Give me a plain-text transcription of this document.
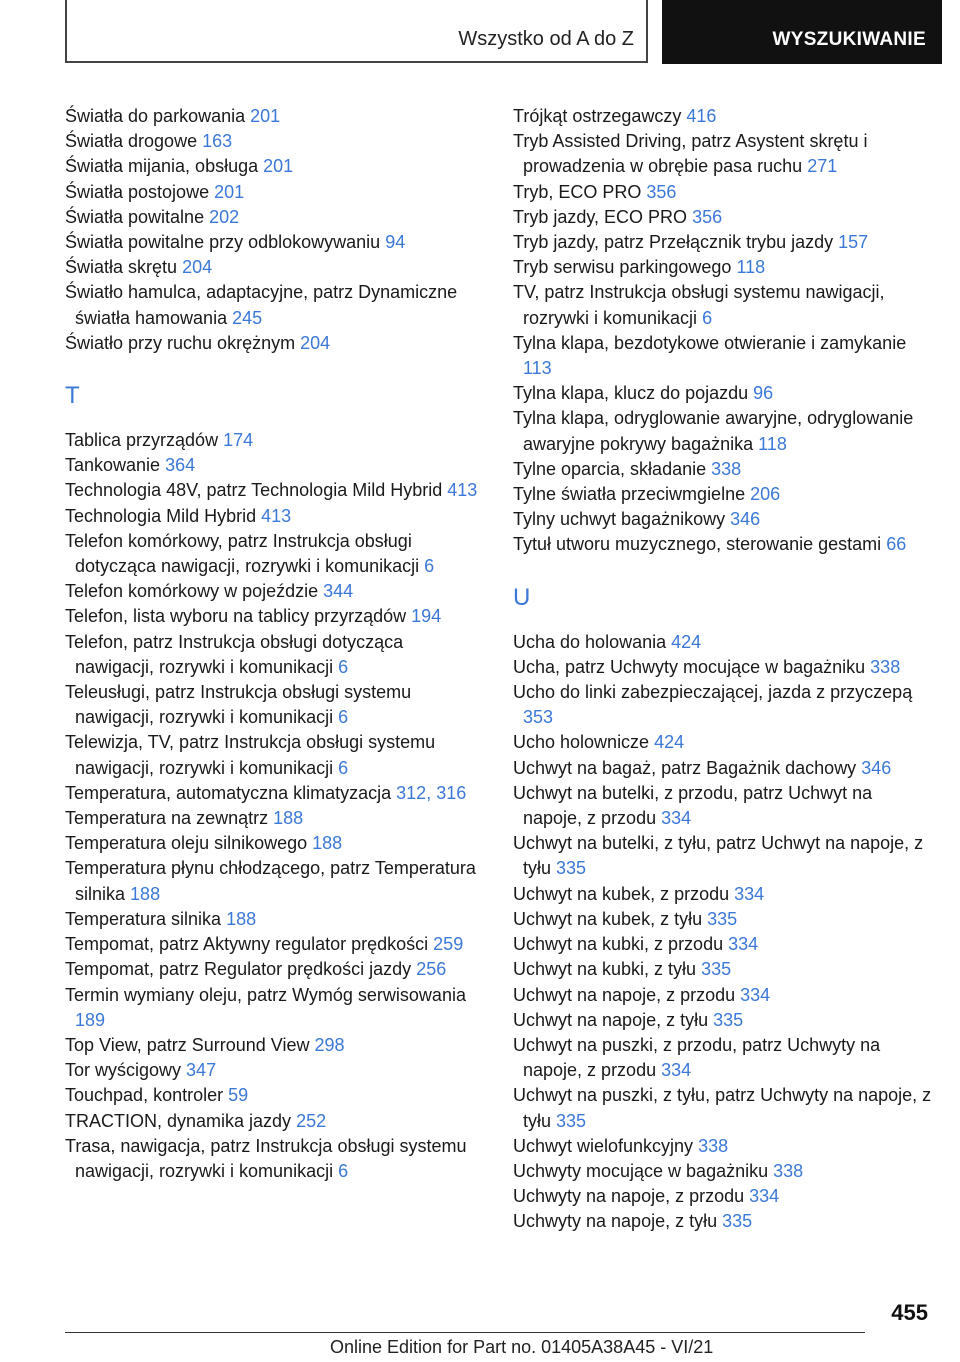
Wszystko od A do Z	WYSZUKIWANIE
Światła do parkowania 201
Światła drogowe 163
Światła mijania, obsługa 201
Światła postojowe 201
Światła powitalne 202
Światła powitalne przy odblokowywaniu 94
Światła skrętu 204
Światło hamulca, adaptacyjne, patrz Dynamiczne światła hamowania 245
Światło przy ruchu okrężnym 204
T
Tablica przyrządów 174
Tankowanie 364
Technologia 48V, patrz Technologia Mild Hybrid 413
Technologia Mild Hybrid 413
Telefon komórkowy, patrz Instrukcja obsługi dotycząca nawigacji, rozrywki i komunikacji 6
Telefon komórkowy w pojeździe 344
Telefon, lista wyboru na tablicy przyrządów 194
Telefon, patrz Instrukcja obsługi dotycząca nawigacji, rozrywki i komunikacji 6
Teleusługi, patrz Instrukcja obsługi systemu nawigacji, rozrywki i komunikacji 6
Telewizja, TV, patrz Instrukcja obsługi systemu nawigacji, rozrywki i komunikacji 6
Temperatura, automatyczna klimatyzacja 312, 316
Temperatura na zewnątrz 188
Temperatura oleju silnikowego 188
Temperatura płynu chłodzącego, patrz Temperatura silnika 188
Temperatura silnika 188
Tempomat, patrz Aktywny regulator prędkości 259
Tempomat, patrz Regulator prędkości jazdy 256
Termin wymiany oleju, patrz Wymóg serwisowania 189
Top View, patrz Surround View 298
Tor wyścigowy 347
Touchpad, kontroler 59
TRACTION, dynamika jazdy 252
Trasa, nawigacja, patrz Instrukcja obsługi systemu nawigacji, rozrywki i komunikacji 6
Trójkąt ostrzegawczy 416
Tryb Assisted Driving, patrz Asystent skrętu i prowadzenia w obrębie pasa ruchu 271
Tryb, ECO PRO 356
Tryb jazdy, ECO PRO 356
Tryb jazdy, patrz Przełącznik trybu jazdy 157
Tryb serwisu parkingowego 118
TV, patrz Instrukcja obsługi systemu nawigacji, rozrywki i komunikacji 6
Tylna klapa, bezdotykowe otwieranie i zamykanie 113
Tylna klapa, klucz do pojazdu 96
Tylna klapa, odryglowanie awaryjne, odryglowanie awaryjne pokrywy bagażnika 118
Tylne oparcia, składanie 338
Tylne światła przeciwmgielne 206
Tylny uchwyt bagażnikowy 346
Tytuł utworu muzycznego, sterowanie gestami 66
U
Ucha do holowania 424
Ucha, patrz Uchwyty mocujące w bagażniku 338
Ucho do linki zabezpieczającej, jazda z przyczepą 353
Ucho holownicze 424
Uchwyt na bagaż, patrz Bagażnik dachowy 346
Uchwyt na butelki, z przodu, patrz Uchwyt na napoje, z przodu 334
Uchwyt na butelki, z tyłu, patrz Uchwyt na napoje, z tyłu 335
Uchwyt na kubek, z przodu 334
Uchwyt na kubek, z tyłu 335
Uchwyt na kubki, z przodu 334
Uchwyt na kubki, z tyłu 335
Uchwyt na napoje, z przodu 334
Uchwyt na napoje, z tyłu 335
Uchwyt na puszki, z przodu, patrz Uchwyty na napoje, z przodu 334
Uchwyt na puszki, z tyłu, patrz Uchwyty na napoje, z tyłu 335
Uchwyt wielofunkcyjny 338
Uchwyty mocujące w bagażniku 338
Uchwyty na napoje, z przodu 334
Uchwyty na napoje, z tyłu 335
455
Online Edition for Part no. 01405A38A45 - VI/21
